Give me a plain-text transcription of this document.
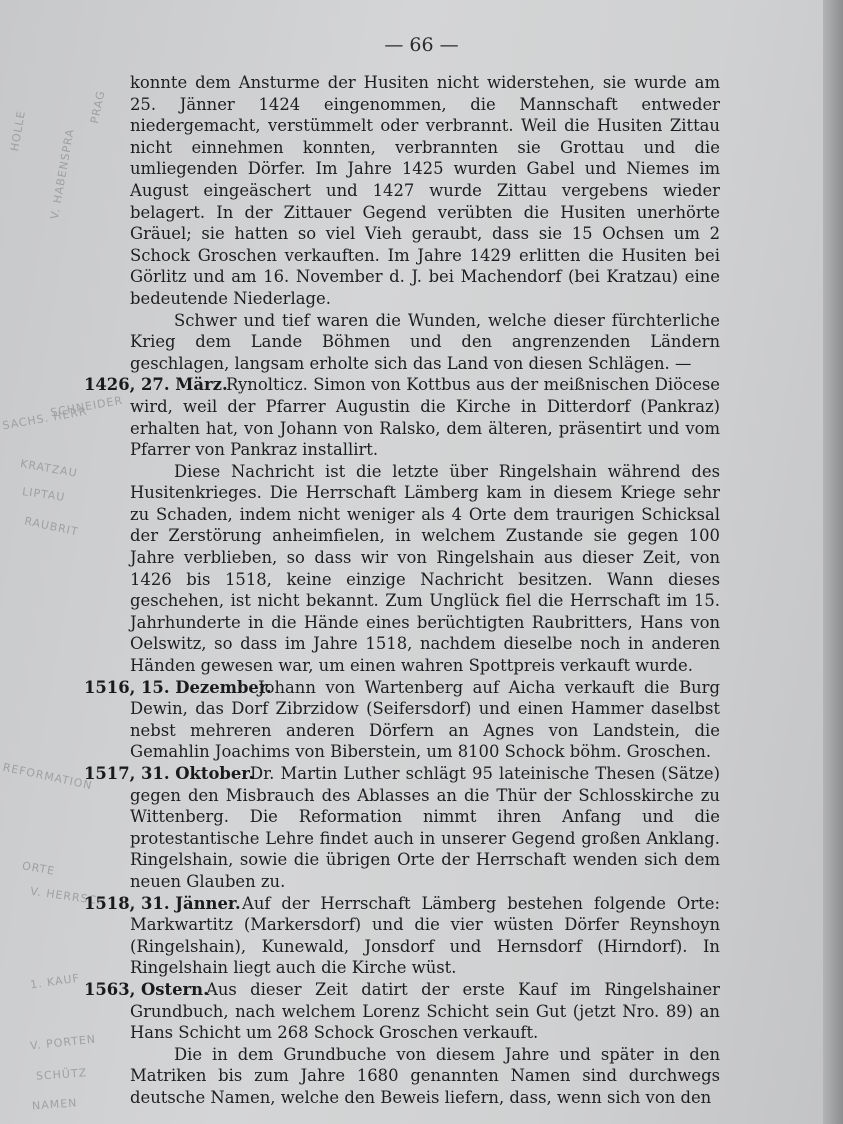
HOLLE
PRAG
V. HABENSPRA
SACHS. HERR
SCHNEIDER
KRATZAU
LIPTAU
RAUBRIT
REFORMATION
ORTE
V. HERRSCH
1. KAUF
V. PORTEN
SCHÜTZ
NAMEN
— 66 —

konnte dem Ansturme der Husiten nicht widerstehen, sie wurde am 25. Jänner 1424 eingenommen, die Mannschaft entweder niedergemacht, verstümmelt oder verbrannt. Weil die Husiten Zittau nicht einnehmen konnten, verbrannten sie Grottau und die umliegenden Dörfer. Im Jahre 1425 wurden Gabel und Niemes im August eingeäschert und 1427 wurde Zittau vergebens wieder belagert. In der Zittauer Gegend verübten die Husiten unerhörte Gräuel; sie hatten so viel Vieh geraubt, dass sie 15 Ochsen um 2 Schock Groschen verkauften. Im Jahre 1429 erlitten die Husiten bei Görlitz und am 16. November d. J. bei Machendorf (bei Kratzau) eine bedeutende Niederlage.

Schwer und tief waren die Wunden, welche dieser fürchterliche Krieg dem Lande Böhmen und den angrenzenden Ländern geschlagen, langsam erholte sich das Land von diesen Schlägen. —

1426, 27. März.

Rynolticz. Simon von Kottbus aus der meißnischen Diöcese wird, weil der Pfarrer Augustin die Kirche in Ditterdorf (Pankraz) erhalten hat, von Johann von Ralsko, dem älteren, präsentirt und vom Pfarrer von Pankraz installirt.

Diese Nachricht ist die letzte über Ringelshain während des Husitenkrieges. Die Herrschaft Lämberg kam in diesem Kriege sehr zu Schaden, indem nicht weniger als 4 Orte dem traurigen Schicksal der Zerstörung anheimfielen, in welchem Zustande sie gegen 100 Jahre verblieben, so dass wir von Ringelshain aus dieser Zeit, von 1426 bis 1518, keine einzige Nachricht besitzen. Wann dieses geschehen, ist nicht bekannt. Zum Unglück fiel die Herrschaft im 15. Jahrhunderte in die Hände eines berüchtigten Raubritters, Hans von Oelswitz, so dass im Jahre 1518, nachdem dieselbe noch in anderen Händen gewesen war, um einen wahren Spottpreis verkauft wurde.

1516, 15. Dezember.

Johann von Wartenberg auf Aicha verkauft die Burg Dewin, das Dorf Zibrzidow (Seifersdorf) und einen Hammer daselbst nebst mehreren anderen Dörfern an Agnes von Landstein, die Gemahlin Joachims von Biberstein, um 8100 Schock böhm. Groschen.

1517, 31. Oktober.

Dr. Martin Luther schlägt 95 lateinische Thesen (Sätze) gegen den Misbrauch des Ablasses an die Thür der Schlosskirche zu Wittenberg. Die Reformation nimmt ihren Anfang und die protestantische Lehre findet auch in unserer Gegend großen Anklang. Ringelshain, sowie die übrigen Orte der Herrschaft wenden sich dem neuen Glauben zu.

1518, 31. Jänner. Auf der Herrschaft Lämberg bestehen folgende Orte: Markwartitz (Markersdorf) und die vier wüsten Dörfer Reynshoyn (Ringelshain), Kunewald, Jonsdorf und Hernsdorf (Hirndorf). In Ringelshain liegt auch die Kirche wüst.

1563, Ostern.

Aus dieser Zeit datirt der erste Kauf im Ringelshainer Grundbuch, nach welchem Lorenz Schicht sein Gut (jetzt Nro. 89) an Hans Schicht um 268 Schock Groschen verkauft.

Die in dem Grundbuche von diesem Jahre und später in den Matriken bis zum Jahre 1680 genannten Namen sind durchwegs deutsche Namen, welche den Beweis liefern, dass, wenn sich von den
